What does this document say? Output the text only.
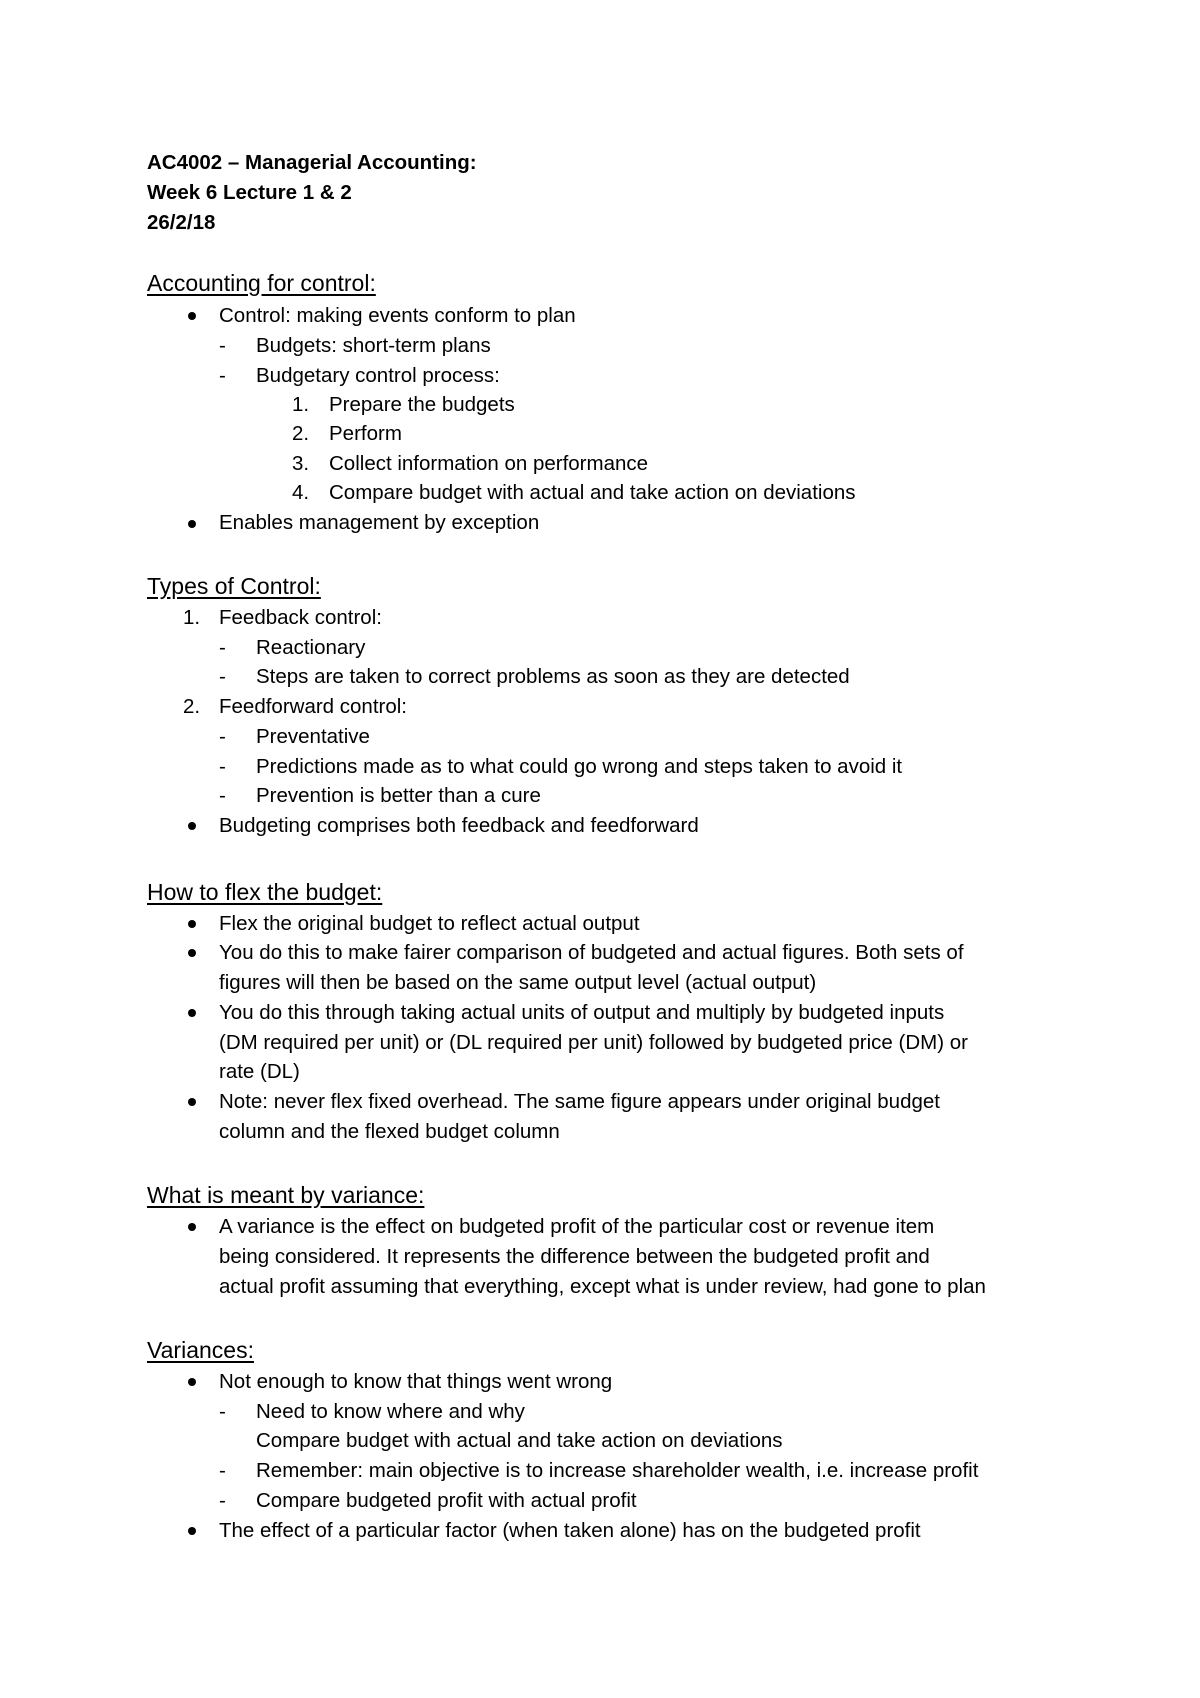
AC4002 – Managerial Accounting:
Week 6 Lecture 1 & 2
26/2/18
Accounting for control:
Control: making events conform to plan
- Budgets: short-term plans
- Budgetary control process:
1. Prepare the budgets
2. Perform
3. Collect information on performance
4. Compare budget with actual and take action on deviations
Enables management by exception
Types of Control:
1. Feedback control:
- Reactionary
- Steps are taken to correct problems as soon as they are detected
2. Feedforward control:
- Preventative
- Predictions made as to what could go wrong and steps taken to avoid it
- Prevention is better than a cure
Budgeting comprises both feedback and feedforward
How to flex the budget:
Flex the original budget to reflect actual output
You do this to make fairer comparison of budgeted and actual figures. Both sets of
figures will then be based on the same output level (actual output)
You do this through taking actual units of output and multiply by budgeted inputs
(DM required per unit) or (DL required per unit) followed by budgeted price (DM) or
rate (DL)
Note: never flex fixed overhead. The same figure appears under original budget
column and the flexed budget column
What is meant by variance:
A variance is the effect on budgeted profit of the particular cost or revenue item
being considered. It represents the difference between the budgeted profit and
actual profit assuming that everything, except what is under review, had gone to plan
Variances:
Not enough to know that things went wrong
- Need to know where and why
Compare budget with actual and take action on deviations
- Remember: main objective is to increase shareholder wealth, i.e. increase profit
- Compare budgeted profit with actual profit
The effect of a particular factor (when taken alone) has on the budgeted profit
